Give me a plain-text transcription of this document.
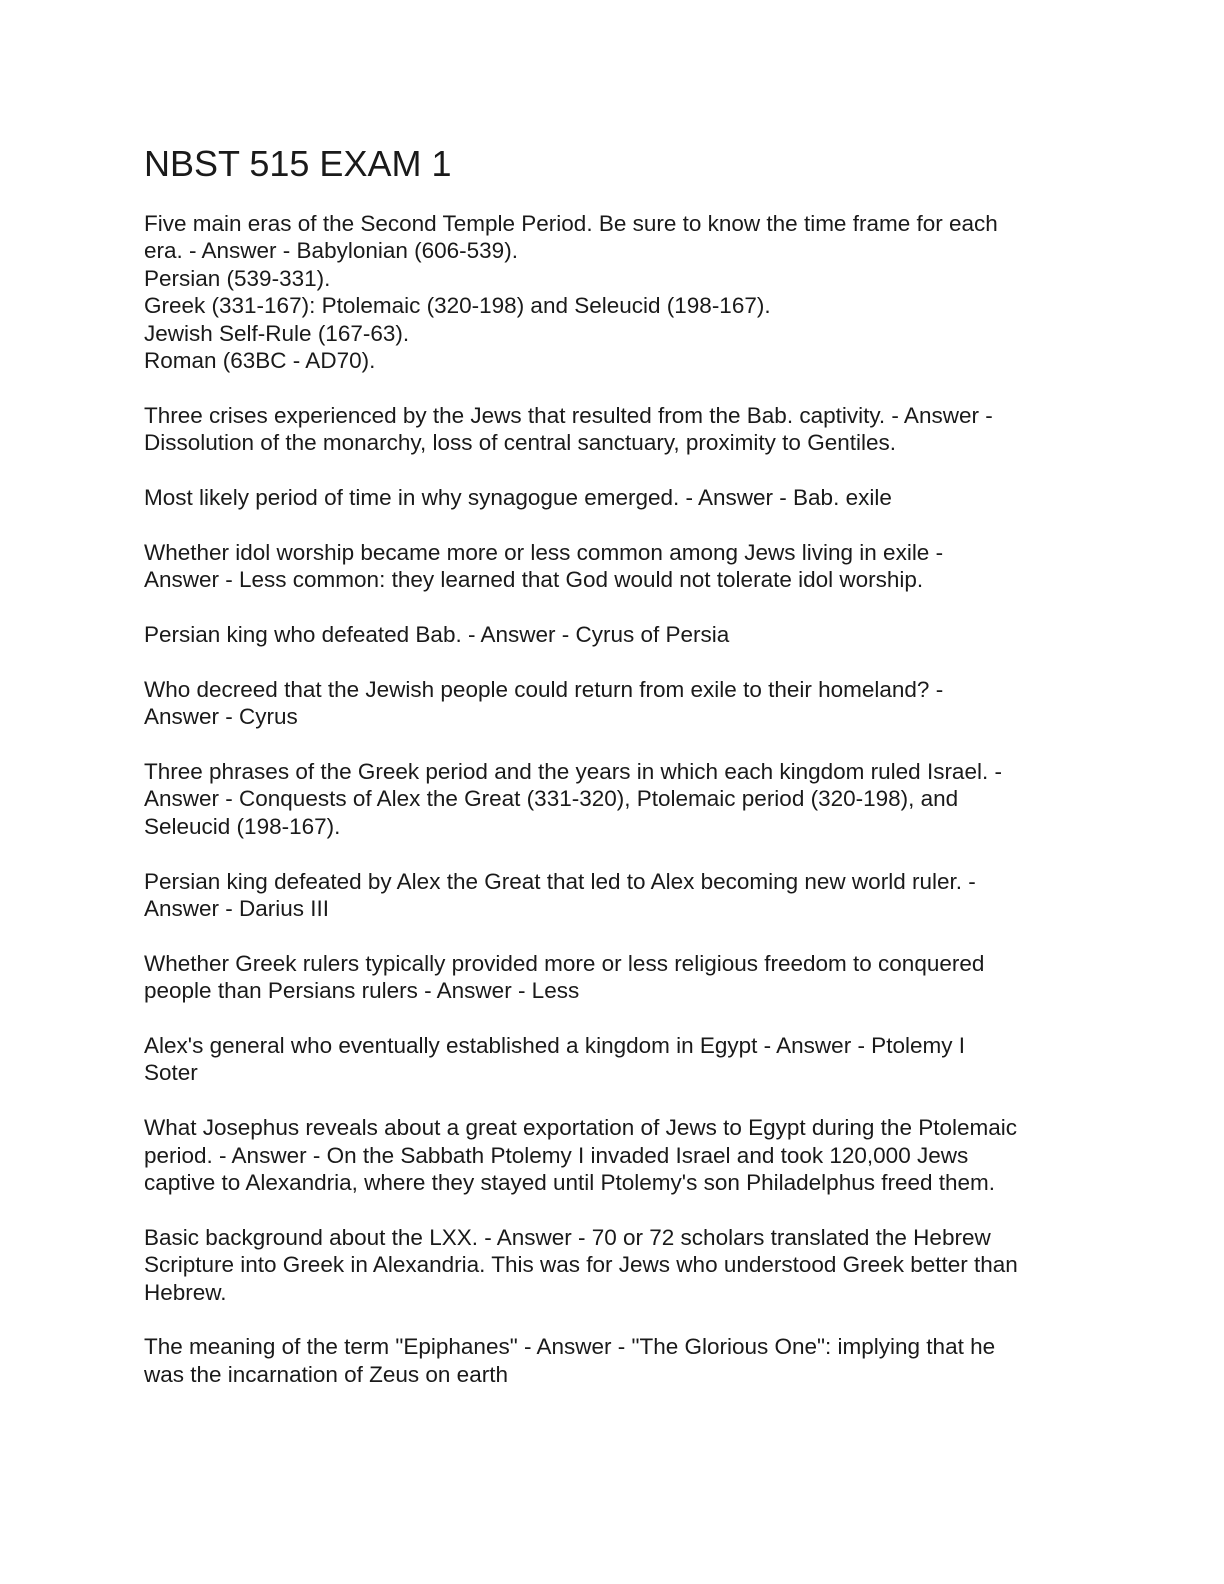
NBST 515 EXAM 1
Five main eras of the Second Temple Period. Be sure to know the time frame for each
era. - Answer - Babylonian (606-539).
Persian (539-331).
Greek (331-167): Ptolemaic (320-198) and Seleucid (198-167).
Jewish Self-Rule (167-63).
Roman (63BC - AD70).
Three crises experienced by the Jews that resulted from the Bab. captivity. - Answer -
Dissolution of the monarchy, loss of central sanctuary, proximity to Gentiles.
Most likely period of time in why synagogue emerged. - Answer - Bab. exile
Whether idol worship became more or less common among Jews living in exile -
Answer - Less common: they learned that God would not tolerate idol worship.
Persian king who defeated Bab. - Answer - Cyrus of Persia
Who decreed that the Jewish people could return from exile to their homeland? -
Answer - Cyrus
Three phrases of the Greek period and the years in which each kingdom ruled Israel. -
Answer - Conquests of Alex the Great (331-320), Ptolemaic period (320-198), and
Seleucid (198-167).
Persian king defeated by Alex the Great that led to Alex becoming new world ruler. -
Answer - Darius III
Whether Greek rulers typically provided more or less religious freedom to conquered
people than Persians rulers - Answer - Less
Alex's general who eventually established a kingdom in Egypt - Answer - Ptolemy I
Soter
What Josephus reveals about a great exportation of Jews to Egypt during the Ptolemaic
period. - Answer - On the Sabbath Ptolemy I invaded Israel and took 120,000 Jews
captive to Alexandria, where they stayed until Ptolemy's son Philadelphus freed them.
Basic background about the LXX. - Answer - 70 or 72 scholars translated the Hebrew
Scripture into Greek in Alexandria. This was for Jews who understood Greek better than
Hebrew.
The meaning of the term "Epiphanes" - Answer - "The Glorious One": implying that he
was the incarnation of Zeus on earth
